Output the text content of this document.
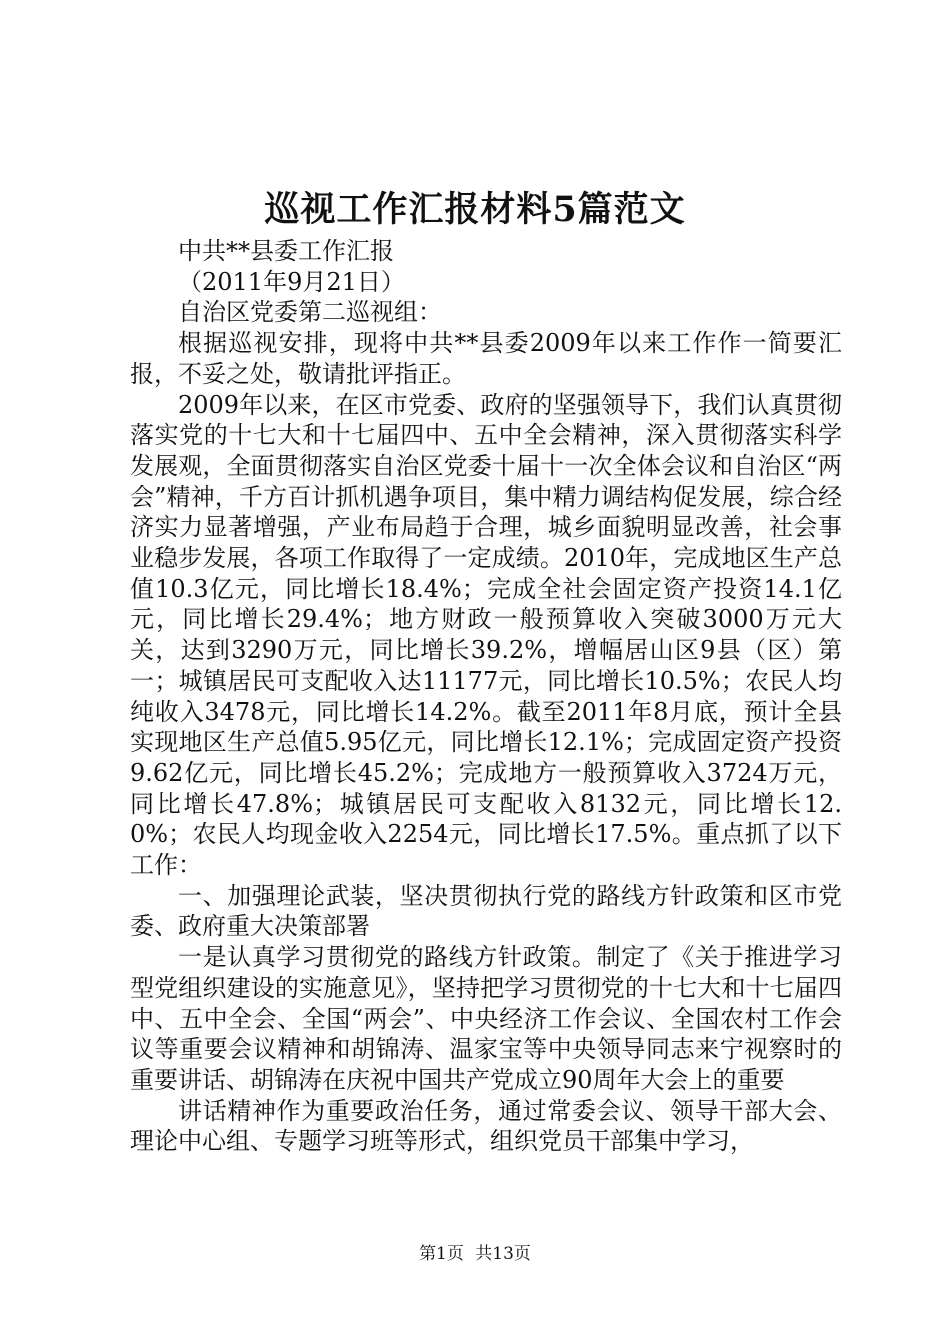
巡视工作汇报材料5篇范文

中共**县委工作汇报

（2011年9月21日）

自治区党委第二巡视组：

根据巡视安排，现将中共**县委2009年以来工作作一简要汇报，不妥之处，敬请批评指正。

2009年以来，在区市党委、政府的坚强领导下，我们认真贯彻落实党的十七大和十七届四中、五中全会精神，深入贯彻落实科学发展观，全面贯彻落实自治区党委十届十一次全体会议和自治区“两会”精神，千方百计抓机遇争项目，集中精力调结构促发展，综合经济实力显著增强，产业布局趋于合理，城乡面貌明显改善，社会事业稳步发展，各项工作取得了一定成绩。2010年，完成地区生产总值10.3亿元，同比增长18.4%；完成全社会固定资产投资14.1亿元，同比增长29.4%；地方财政一般预算收入突破3000万元大关，达到3290万元，同比增长39.2%，增幅居山区9县（区）第一；城镇居民可支配收入达11177元，同比增长10.5%；农民人均纯收入3478元，同比增长14.2%。截至2011年8月底，预计全县实现地区生产总值5.95亿元，同比增长12.1%；完成固定资产投资9.62亿元，同比增长45.2%；完成地方一般预算收入3724万元，同比增长47.8%；城镇居民可支配收入8132元，同比增长12.0%；农民人均现金收入2254元，同比增长17.5%。重点抓了以下工作：

一、加强理论武装，坚决贯彻执行党的路线方针政策和区市党委、政府重大决策部署

一是认真学习贯彻党的路线方针政策。制定了《关于推进学习型党组织建设的实施意见》，坚持把学习贯彻党的十七大和十七届四中、五中全会、全国“两会”、中央经济工作会议、全国农村工作会议等重要会议精神和胡锦涛、温家宝等中央领导同志来宁视察时的重要讲话、胡锦涛在庆祝中国共产党成立90周年大会上的重要

讲话精神作为重要政治任务，通过常委会议、领导干部大会、理论中心组、专题学习班等形式，组织党员干部集中学习，

第1页 共13页
